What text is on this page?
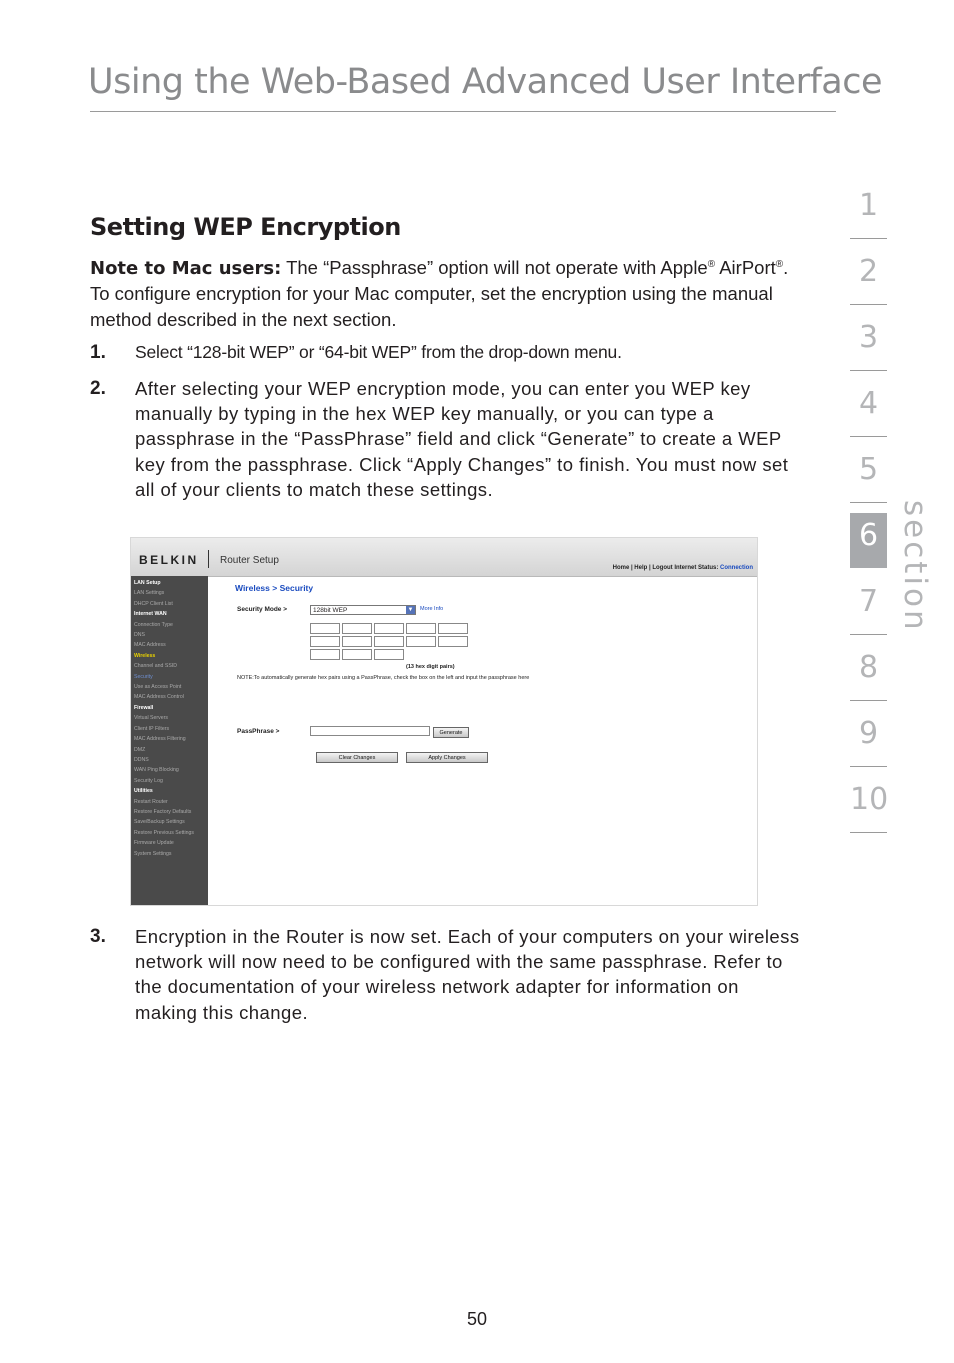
Using the Web-Based Advanced User Interface
1
2
3
4
5
6
7
8
9
10
section
Setting WEP Encryption
Note to Mac users: The “Passphrase” option will not operate with Apple® AirPort®. To configure encryption for your Mac computer, set the encryption using the manual method described in the next section.
1. Select “128-bit WEP” or “64-bit WEP” from the drop-down menu.
2. After selecting your WEP encryption mode, you can enter you WEP key manually by typing in the hex WEP key manually, or you can type a passphrase in the “PassPhrase” field and click “Generate” to create a WEP key from the passphrase. Click “Apply Changes” to finish. You must now set all of your clients to match these settings.
BELKIN Router Setup
Home | Help | Logout Internet Status: Connection
LAN Setup
LAN Settings
DHCP Client List
Internet WAN
Connection Type
DNS
MAC Address
Wireless
Channel and SSID
Security
Use as Access Point
MAC Address Control
Firewall
Virtual Servers
Client IP Filters
MAC Address Filtering
DMZ
DDNS
WAN Ping Blocking
Security Log
Utilities
Restart Router
Restore Factory Defaults
Save/Backup Settings
Restore Previous Settings
Firmware Update
System Settings
Wireless > Security
Security Mode >	128bit WEP	▼ More Info
(13 hex digit pairs)
NOTE:To automatically generate hex pairs using a PassPhrase, check the box on the left and input the passphrase here
PassPhrase >	Generate
Clear Changes	Apply Changes
3. Encryption in the Router is now set. Each of your computers on your wireless network will now need to be configured with the same passphrase. Refer to the documentation of your wireless network adapter for information on making this change.
50
